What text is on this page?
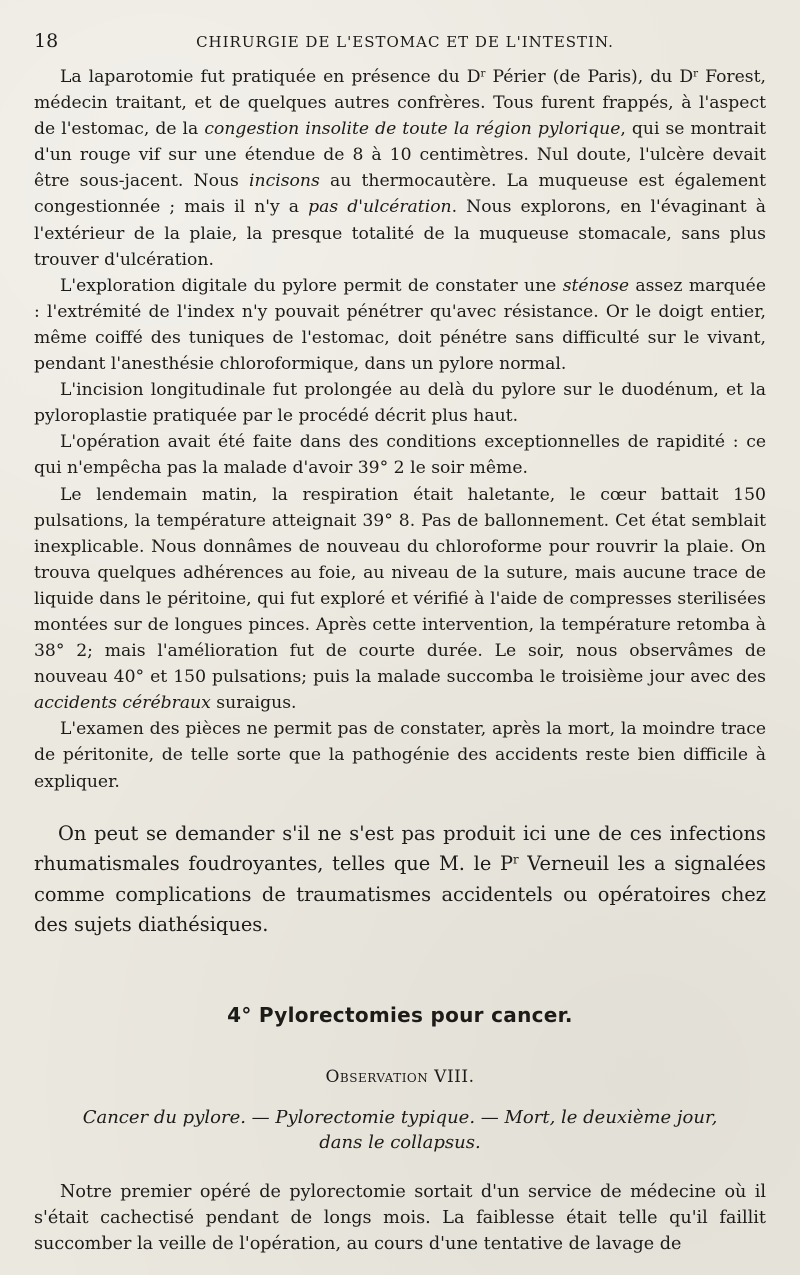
18	CHIRURGIE DE L'ESTOMAC ET DE L'INTESTIN.

La laparotomie fut pratiquée en présence du $D^r$ Périer (de Paris), du $D^r$ Forest, médecin traitant, et de quelques autres confrères. Tous furent frappés, à l'aspect de l'estomac, de la congestion insolite de toute la région pylorique, qui se montrait d'un rouge vif sur une étendue de 8 à 10 centimètres. Nul doute, l'ulcère devait être sous-jacent. Nous incisons au thermocautère. La muqueuse est également congestionnée ; mais il n'y a pas d'ulcération. Nous explorons, en l'évaginant à l'extérieur de la plaie, la presque totalité de la muqueuse stomacale, sans plus trouver d'ulcération.

L'exploration digitale du pylore permit de constater une sténose assez marquée : l'extrémité de l'index n'y pouvait pénétrer qu'avec résistance. Or le doigt entier, même coiffé des tuniques de l'estomac, doit pénétre sans difficulté sur le vivant, pendant l'anesthésie chloroformique, dans un pylore normal.

L'incision longitudinale fut prolongée au delà du pylore sur le duodénum, et la pyloroplastie pratiquée par le procédé décrit plus haut.

L'opération avait été faite dans des conditions exceptionnelles de rapidité : ce qui n'empêcha pas la malade d'avoir 39° 2 le soir même.

Le lendemain matin, la respiration était haletante, le cœur battait 150 pulsations, la température atteignait 39° 8. Pas de ballonnement. Cet état semblait inexplicable. Nous donnâmes de nouveau du chloroforme pour rouvrir la plaie. On trouva quelques adhérences au foie, au niveau de la suture, mais aucune trace de liquide dans le péritoine, qui fut exploré et vérifié à l'aide de compresses sterilisées montées sur de longues pinces. Après cette intervention, la température retomba à 38° 2; mais l'amélioration fut de courte durée. Le soir, nous observâmes de nouveau 40° et 150 pulsations; puis la malade succomba le troisième jour avec des accidents cérébraux suraigus.

L'examen des pièces ne permit pas de constater, après la mort, la moindre trace de péritonite, de telle sorte que la pathogénie des accidents reste bien difficile à expliquer.

On peut se demander s'il ne s'est pas produit ici une de ces infections rhumatismales foudroyantes, telles que M. le $P^r$ Verneuil les a signalées comme complications de traumatismes accidentels ou opératoires chez des sujets diathésiques.

4° Pylorectomies pour cancer.
Observation VIII.
Cancer du pylore. — Pylorectomie typique. — Mort, le deuxième jour,
dans le collapsus.

Notre premier opéré de pylorectomie sortait d'un service de médecine où il s'était cachectisé pendant de longs mois. La faiblesse était telle qu'il faillit succomber la veille de l'opération, au cours d'une tentative de lavage de
